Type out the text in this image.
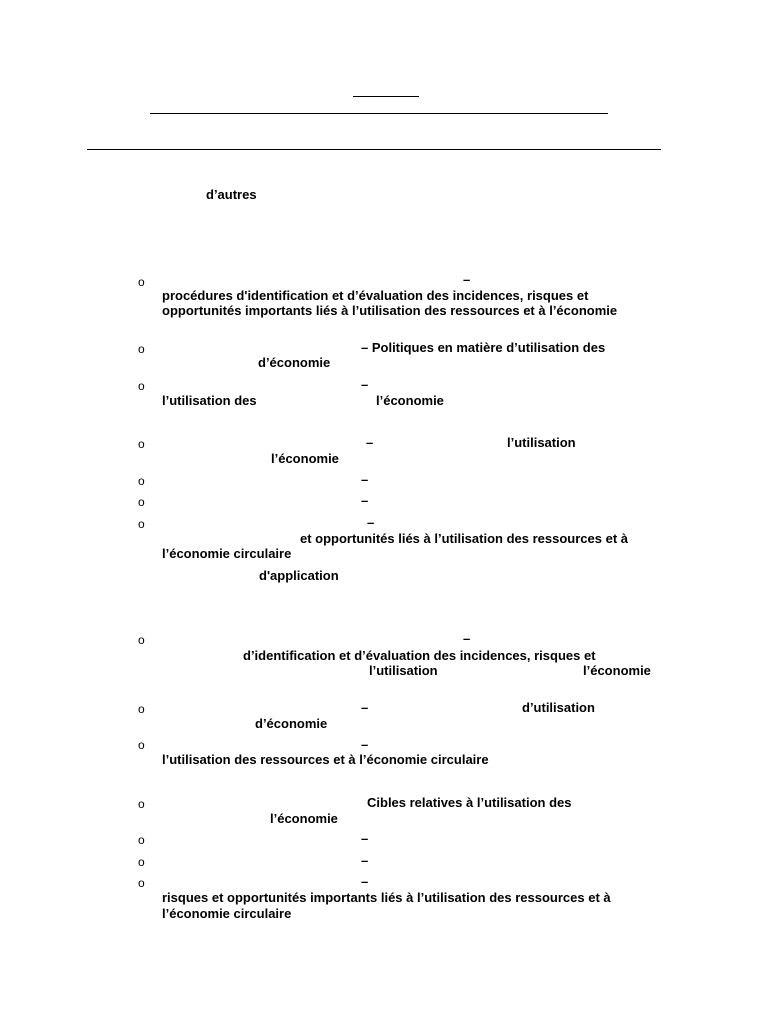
d’autres
o	–
procédures d'identification et d’évaluation des incidences, risques et
opportunités importants liés à l’utilisation des ressources et à l’économie
o	– Politiques en matière d’utilisation des
d’économie
o	–
l’utilisation des	l’économie
o	–	l’utilisation
l’économie
o	–
o	–
o	–
et opportunités liés à l’utilisation des ressources et à
l’économie circulaire
d'application
o	–
d’identification et d’évaluation des incidences, risques et
l’utilisation	l’économie
o	–	d’utilisation
d’économie
o	–
l’utilisation des ressources et à l’économie circulaire
o	Cibles relatives à l’utilisation des
l’économie
o	–
o	–
o	–
risques et opportunités importants liés à l’utilisation des ressources et à
l’économie circulaire
